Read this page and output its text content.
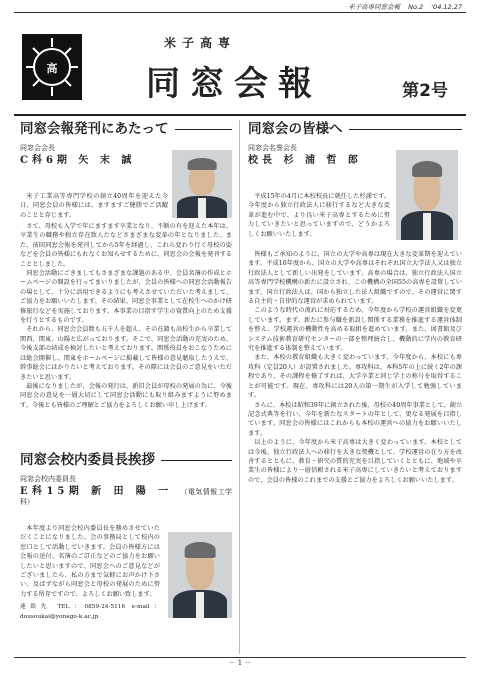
米子高専同窓会報 No.2 '04.12.27
高
米子高専
同窓会報	第2号
同窓会報発刊にあたって
同窓会会長
C科6期 矢 末 誠

米子工業高等専門学校の創立40周年を迎えた今日、同窓会員の皆様には、ますますご健勝でご活躍のことと存じます。

さて、母校も入学で年にますます卒業となり、不断の有を迎えた本年は、卒業生の職務や独立存在致人たなどさまざまな変革の年となりました。また、前回同窓会報を発刊してから5年を経過し、これら変わり行く母校の姿などを会員の皆様にもれなくお知らせするために、同窓会の会報を発刊することとしました。

同窓会活動にごきましてもさまざまな課題のある中、会員名簿の作成とホームページの開設を行ってまいりましたが、会員の皆様への同窓会活動報告の場として、十分に活用できるようにも考えさせていただいた考えまして、ご協力をお願いいたします。その結果、同窓会事業として在校生へのかけ研修旅行などを実施しております。本事業の目指す学生の資質向上のため支援を行うとするものです。

それから、同窓会会員数も五千人を超え、その在籍も高校生から卒業して関西、関東、山陽と広がっております。そこで、同窓会活動の充実のため、今後支部の結成を検討したいと考えております。関係役員をおこなうためには総会開催し、関東をホームページに掲載して皆様の意見聴取したうえで、幹事総会にはかりたいと考えております。その際には会員のご意見をいただきたいと思います。

最後になりましたが、会報の発行は、新旧会員が母校の発展の為に、今後同窓会の意見を一層大切にして同窓会活動にも取り組みますように努めます。今後とも皆様のご理解とご協力をよろしくお願い申し上げます。

同窓会校内委員長挨拶
同窓会校内委員長
E科15期 新 田 陽 一 （電気情報工学科）

本年度より同窓会校内委員長を務めさせていただくことになりました。会の事務局として校内の窓口として活動していきます。会員の皆様方には会報の送付、名簿のご訂正などのご協力をお願いしたいと思いますので、同窓会へのご意見などがございましたら、私の方まで気軽にお声かけ下さい。及ばずながら同窓会と母校の発展のために努力する所存ですので、よろしくお願い致します。

連絡先 TEL：0859-24-5116 e-mail：dousoukai@yonago-k.ac.jp
同窓会の皆様へ
同窓会名誉会長
校長 杉 浦 哲 郎

平成15年の4月に本校校長に就任した杉浦です。今年度から独立行政法人に移行するなど大きな変革が進む中で、より良い米子高専とするために努力していきたいと思っていますので、どうかよろしくお願いいたします。

皆様もご承知のように、国立の大学や高専は現在大きな変革期を迎えています。平成16年度から、国立の大学や高専はそれぞれ国立大学法人又は独立行政法人として新しい出発をしています。高専の場合は、独立行政法人国立高等専門学校機構の新たに設立され、この機構の全国55の高専を設置しています。国立行政法人は、国から独立した法人組織ですので、その運営に関する自主的・自律的な運営が求められています。

このような時代の流れに対応するため、今年度から学校の運営組織を変更しています。まず、新たに参与職を新設し関係する業務を推進する運営体制を整え、学校運営の機動性を高める取組を進めています。また、図書館及びシステム技術教育研究センターの一部を整理統合し、機動的に学内の教育研究を推進する体制を整えています。

また、本校の教育組織も大きく変わっています。今年度から、本校にも専攻科（定員20人）が設置されました。専攻科は、本科5年の上に続く2年の課程であり、その課程を修了すれば、大学卒業と同じ学士の称号を取得することが可能です。現在、専攻科には20人の第一期生が入学して勉強しています。

さらに、本校は昭和39年に創立された後、母校の40周年事業として、創立記念式典等を行い、今年を新たなスタートの年として、更なる発展を目指しています。同窓会の皆様にはこれからも本校の運営への協力をお願いいたします。

以上のように、今年度から米子高専は大きく変わっています。本校としては今後、独立行政法人への移行を大きな契機として、学校運営の在り方を改善するとともに、教育・研究の質的充実を目指していくとともに、地域や卒業生の皆様により一層信頼される米子高専にしていきたいと考えておりますので、会員の皆様のこれまでの支援とご協力をよろしくお願いいたします。

－ 1 －
